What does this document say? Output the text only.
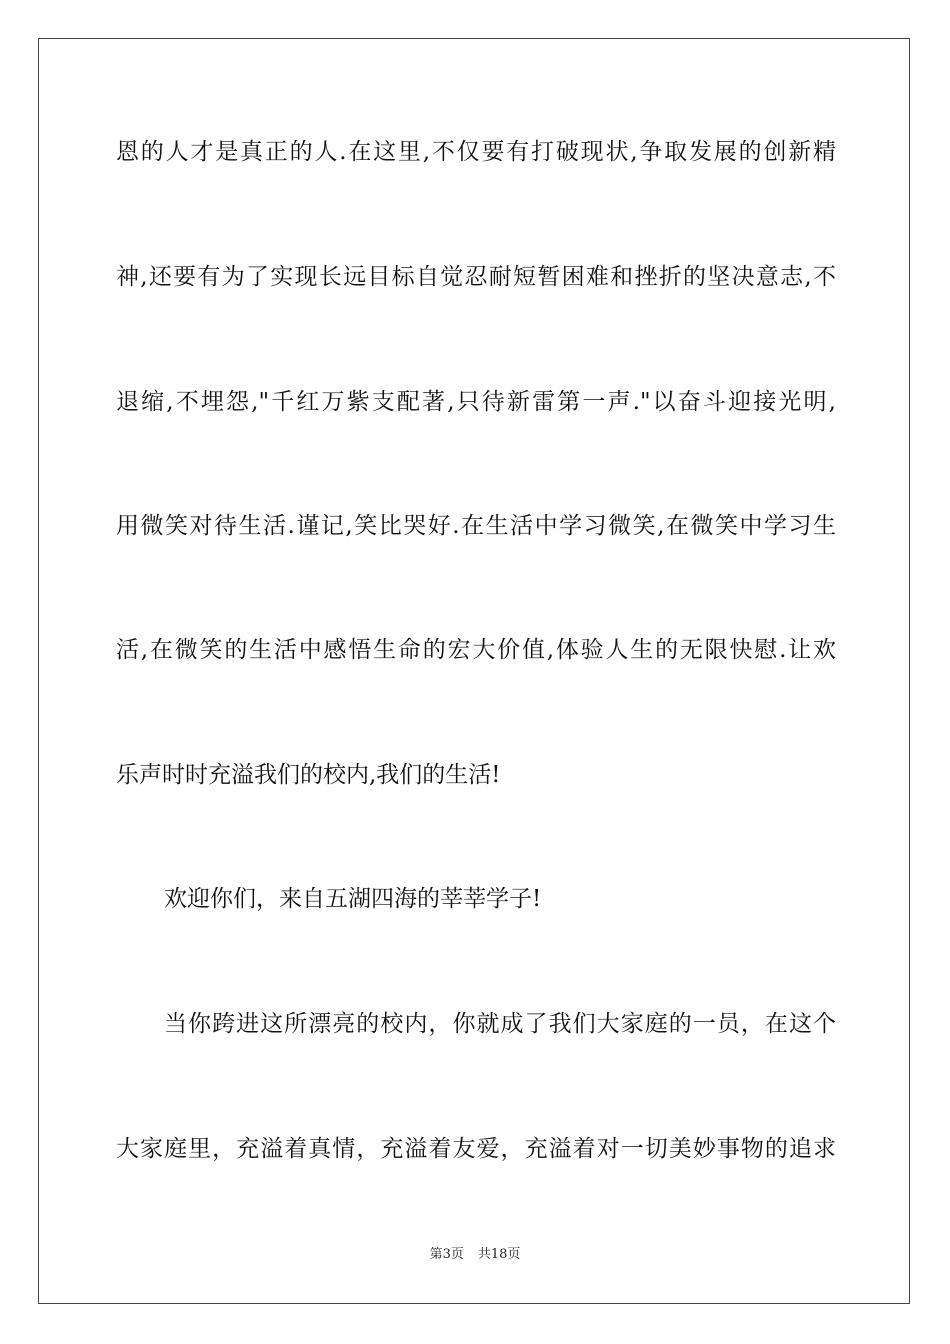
恩的人才是真正的人.在这里,不仅要有打破现状,争取发展的创新精
神,还要有为了实现长远目标自觉忍耐短暂困难和挫折的坚决意志,不
退缩,不埋怨,"千红万紫支配著,只待新雷第一声."以奋斗迎接光明,
用微笑对待生活.谨记,笑比哭好.在生活中学习微笑,在微笑中学习生
活,在微笑的生活中感悟生命的宏大价值,体验人生的无限快慰.让欢
乐声时时充溢我们的校内,我们的生活!
欢迎你们，来自五湖四海的莘莘学子!
当你跨进这所漂亮的校内，你就成了我们大家庭的一员，在这个
大家庭里，充溢着真情，充溢着友爱，充溢着对一切美妙事物的追求
第3页 共18页
